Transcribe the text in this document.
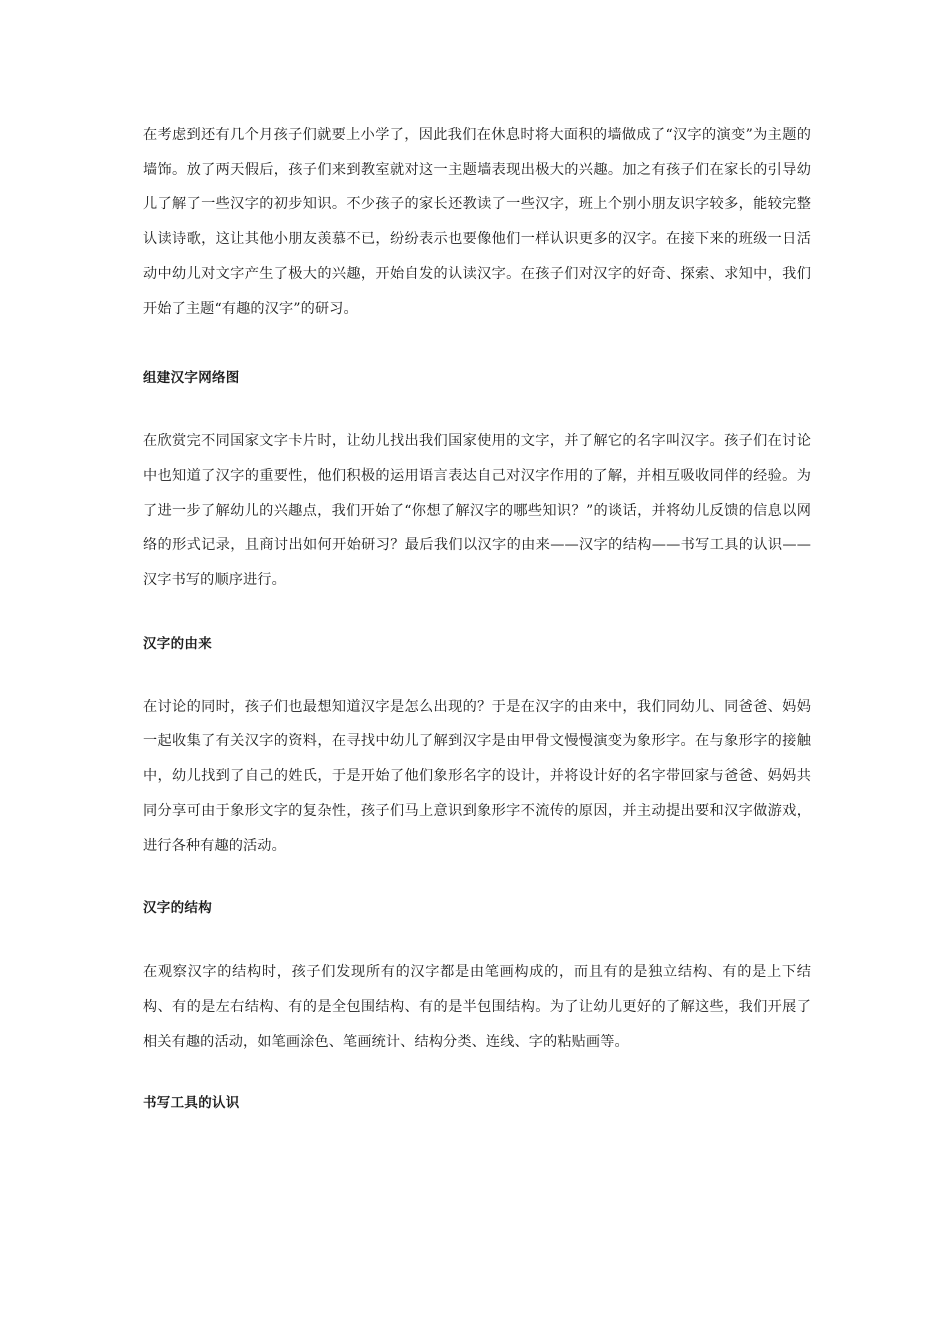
在考虑到还有几个月孩子们就要上小学了，因此我们在休息时将大面积的墙做成了“汉字的演变”为主题的墙饰。放了两天假后，孩子们来到教室就对这一主题墙表现出极大的兴趣。加之有孩子们在家长的引导幼儿了解了一些汉字的初步知识。不少孩子的家长还教读了一些汉字，班上个别小朋友识字较多，能较完整认读诗歌，这让其他小朋友羡慕不已，纷纷表示也要像他们一样认识更多的汉字。在接下来的班级一日活动中幼儿对文字产生了极大的兴趣，开始自发的认读汉字。在孩子们对汉字的好奇、探索、求知中，我们开始了主题“有趣的汉字”的研习。

组建汉字网络图

在欣赏完不同国家文字卡片时，让幼儿找出我们国家使用的文字，并了解它的名字叫汉字。孩子们在讨论中也知道了汉字的重要性，他们积极的运用语言表达自己对汉字作用的了解，并相互吸收同伴的经验。为了进一步了解幼儿的兴趣点，我们开始了“你想了解汉字的哪些知识？”的谈话，并将幼儿反馈的信息以网络的形式记录，且商讨出如何开始研习？最后我们以汉字的由来——汉字的结构——书写工具的认识——汉字书写的顺序进行。

汉字的由来

在讨论的同时，孩子们也最想知道汉字是怎么出现的？于是在汉字的由来中，我们同幼儿、同爸爸、妈妈一起收集了有关汉字的资料，在寻找中幼儿了解到汉字是由甲骨文慢慢演变为象形字。在与象形字的接触中，幼儿找到了自己的姓氏，于是开始了他们象形名字的设计，并将设计好的名字带回家与爸爸、妈妈共同分享可由于象形文字的复杂性，孩子们马上意识到象形字不流传的原因，并主动提出要和汉字做游戏，进行各种有趣的活动。

汉字的结构

在观察汉字的结构时，孩子们发现所有的汉字都是由笔画构成的，而且有的是独立结构、有的是上下结构、有的是左右结构、有的是全包围结构、有的是半包围结构。为了让幼儿更好的了解这些，我们开展了相关有趣的活动，如笔画涂色、笔画统计、结构分类、连线、字的粘贴画等。

书写工具的认识
